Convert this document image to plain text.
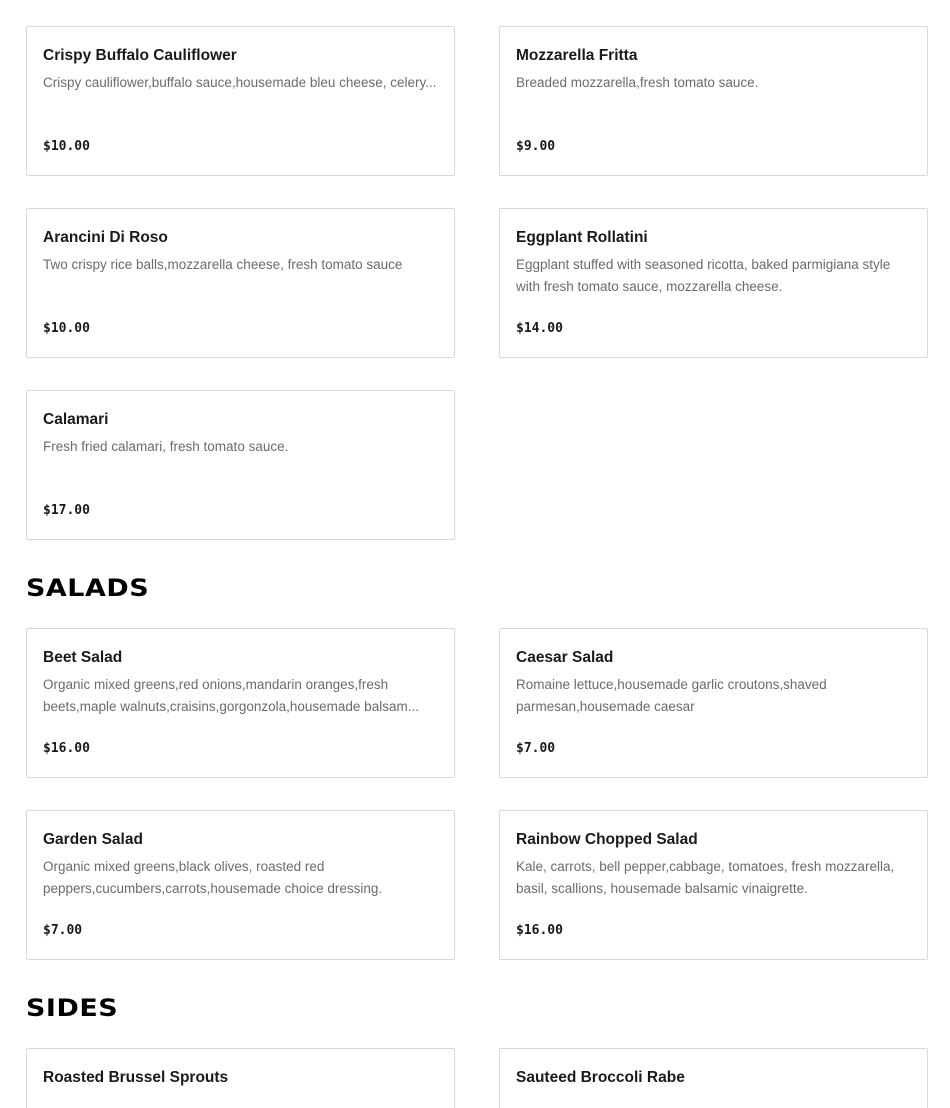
Crispy Buffalo Cauliflower
Crispy cauliflower,buffalo sauce,housemade bleu cheese, celery...
$10.00
Mozzarella Fritta
Breaded mozzarella,fresh tomato sauce.
$9.00
Arancini Di Roso
Two crispy rice balls,mozzarella cheese, fresh tomato sauce
$10.00
Eggplant Rollatini
Eggplant stuffed with seasoned ricotta, baked parmigiana style with fresh tomato sauce, mozzarella cheese.
$14.00
Calamari
Fresh fried calamari, fresh tomato sauce.
$17.00
SALADS
Beet Salad
Organic mixed greens,red onions,mandarin oranges,fresh beets,maple walnuts,craisins,gorgonzola,housemade balsam...
$16.00
Caesar Salad
Romaine lettuce,housemade garlic croutons,shaved parmesan,housemade caesar
$7.00
Garden Salad
Organic mixed greens,black olives, roasted red peppers,cucumbers,carrots,housemade choice dressing.
$7.00
Rainbow Chopped Salad
Kale, carrots, bell pepper,cabbage, tomatoes, fresh mozzarella, basil, scallions, housemade balsamic vinaigrette.
$16.00
SIDES
Roasted Brussel Sprouts	Sauteed Broccoli Rabe
